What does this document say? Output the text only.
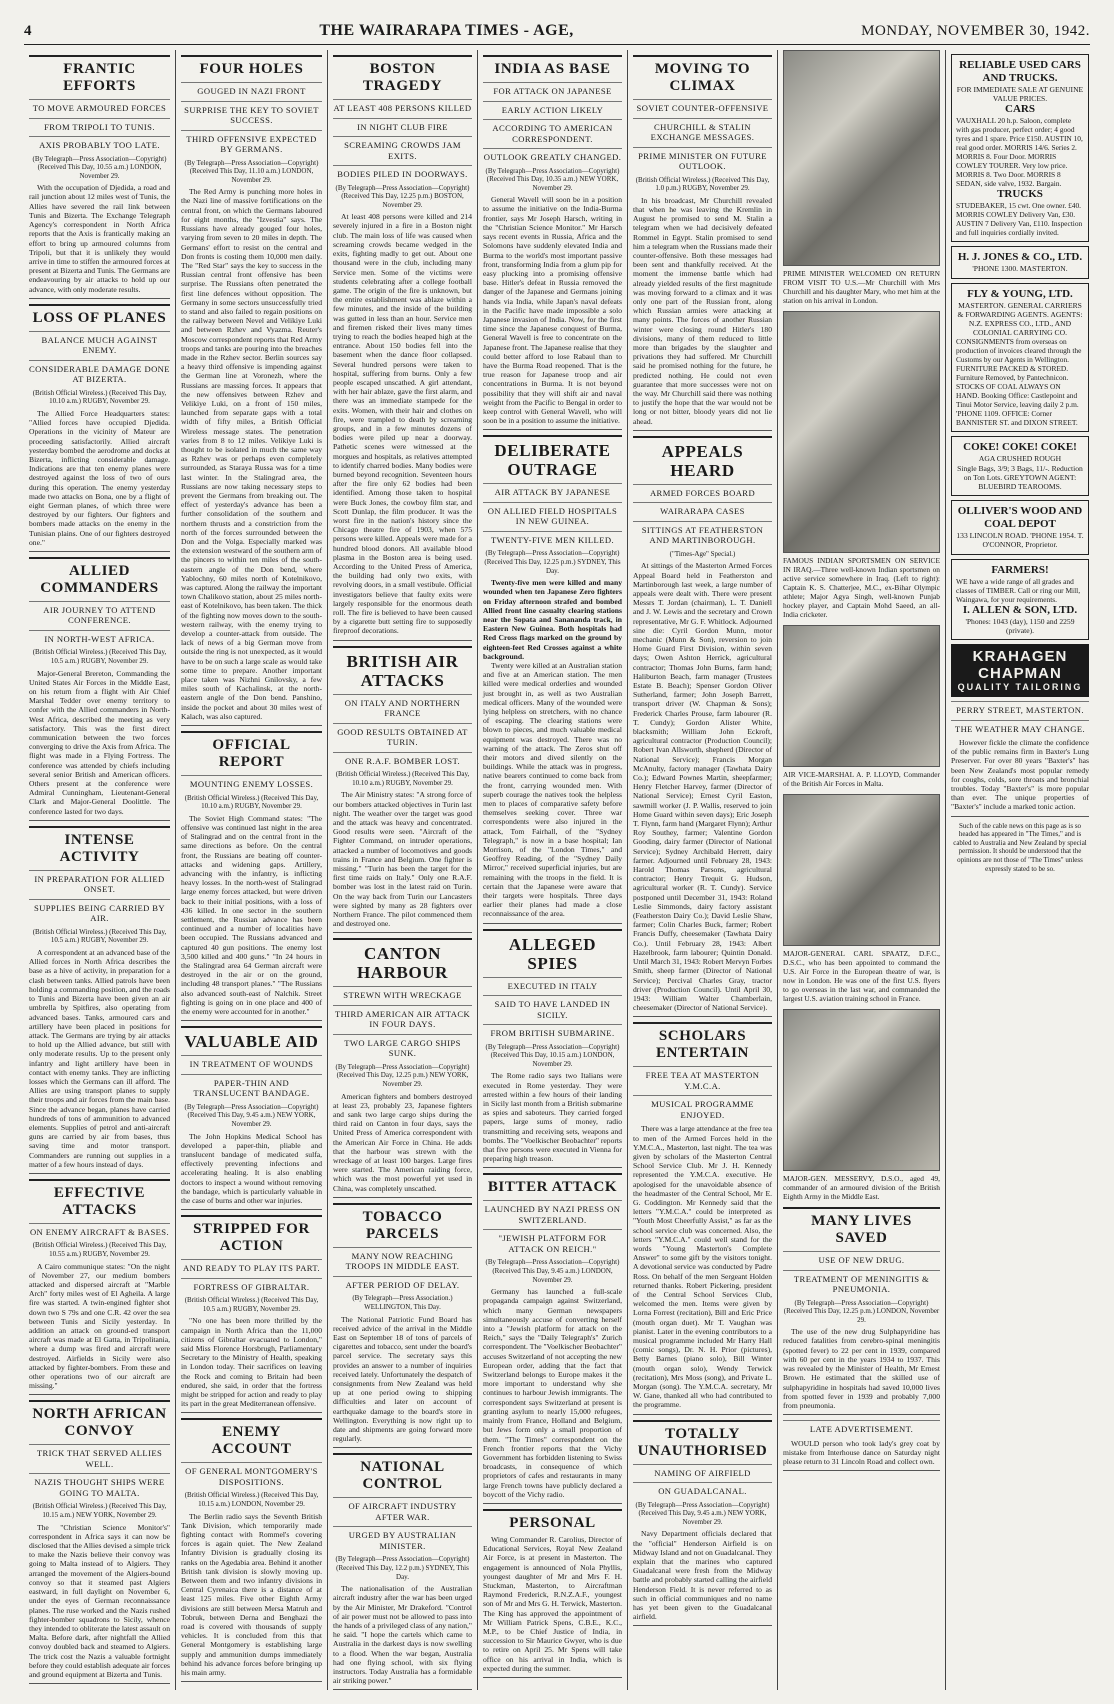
4	THE WAIRARAPA TIMES - AGE,	MONDAY, NOVEMBER 30, 1942.
FRANTIC EFFORTS
TO MOVE ARMOURED FORCES
FROM TRIPOLI TO TUNIS.
AXIS PROBABLY TOO LATE.
(By Telegraph—Press Association—Copyright) (Received This Day, 10.55 a.m.) LONDON, November 29.
With the occupation of Djedida, a road and rail junction about 12 miles west of Tunis, the Allies have severed the rail link between Tunis and Bizerta. The Exchange Telegraph Agency's correspondent in North Africa reports that the Axis is frantically making an effort to bring up armoured columns from Tripoli, but that it is unlikely they would arrive in time to stiffen the armoured forces at present at Bizerta and Tunis. The Germans are endeavouring by air attacks to hold up our advance, with only moderate results.
LOSS OF PLANES
BALANCE MUCH AGAINST ENEMY.
CONSIDERABLE DAMAGE DONE AT BIZERTA.
(British Official Wireless.) (Received This Day, 10.10 a.m.) RUGBY, November 29.
The Allied Force Headquarters states: "Allied forces have occupied Djedida. Operations in the vicinity of Mateur are proceeding satisfactorily. Allied aircraft yesterday bombed the aerodrome and docks at Bizerta, inflicting considerable damage. Indications are that ten enemy planes were destroyed against the loss of two of ours during this operation. The enemy yesterday made two attacks on Bona, one by a flight of eight German planes, of which three were destroyed by our fighters. Our fighters and bombers made attacks on the enemy in the Tunisian plains. One of our fighters destroyed one."
ALLIED COMMANDERS
AIR JOURNEY TO ATTEND CONFERENCE.
IN NORTH-WEST AFRICA.
(British Official Wireless.) (Received This Day, 10.5 a.m.) RUGBY, November 29.
Major-General Brereton, Commanding the United States Air Forces in the Middle East, on his return from a flight with Air Chief Marshal Tedder over enemy territory to confer with the Allied commanders in North-West Africa, described the meeting as very satisfactory. This was the first direct communication between the two forces converging to drive the Axis from Africa. The flight was made in a Flying Fortress. The conference was attended by chiefs including several senior British and American officers. Others present at the conference were Admiral Cunningham, Lieutenant-General Clark and Major-General Doolittle. The conference lasted for two days.
INTENSE ACTIVITY
IN PREPARATION FOR ALLIED ONSET.
SUPPLIES BEING CARRIED BY AIR.
(British Official Wireless.) (Received This Day, 10.5 a.m.) RUGBY, November 29.
A correspondent at an advanced base of the Allied forces in North Africa describes the base as a hive of activity, in preparation for a clash between tanks. Allied patrols have been holding a commanding position, and the roads to Tunis and Bizerta have been given an air umbrella by Spitfires, also operating from advanced bases. Tanks, armoured cars and artillery have been placed in positions for attack. The Germans are trying by air attacks to hold up the Allied advance, but still with only moderate results. Up to the present only infantry and light artillery have been in contact with enemy tanks. They are inflicting losses which the Germans can ill afford. The Allies are using transport planes to supply their troops and air forces from the main base. Since the advance began, planes have carried hundreds of tons of ammunition to advanced elements. Supplies of petrol and anti-aircraft guns are carried by air from bases, thus saving time and motor transport. Commanders are running out supplies in a matter of a few hours instead of days.
EFFECTIVE ATTACKS
ON ENEMY AIRCRAFT & BASES.
(British Official Wireless.) (Received This Day, 10.55 a.m.) RUGBY, November 29.
A Cairo communique states: "On the night of November 27, our medium bombers attacked and dispersed aircraft at "Marble Arch" forty miles west of El Agheila. A large fire was started. A twin-engined fighter shot down two S 79s and one C.R. 42 over the sea between Tunis and Sicily yesterday. In addition an attack on ground-ed transport aircraft was made at El Gatta, in Tripolitania, where a dump was fired and aircraft were destroyed. Airfields in Sicily were also attacked by fighter-bombers. From these and other operations two of our aircraft are missing."
NORTH AFRICAN CONVOY
TRICK THAT SERVED ALLIES WELL.
NAZIS THOUGHT SHIPS WERE GOING TO MALTA.
(British Official Wireless.) (Received This Day, 10.15 a.m.) NEW YORK, November 29.
The "Christian Science Monitor's" correspondent in Africa says it can now be disclosed that the Allies devised a simple trick to make the Nazis believe their convoy was going to Malta instead of to Algiers. They arranged the movement of the Algiers-bound convoy so that it steamed past Algiers eastward, in full daylight on November 6, under the eyes of German reconnaissance planes. The ruse worked and the Nazis rushed fighter-bomber squadrons to Sicily, whence they intended to obliterate the latest assault on Malta. Before dark, after nightfall the Allied convoy doubled back and steamed to Algiers. The trick cost the Nazis a valuable fortnight before they could establish adequate air forces and ground equipment at Bizerta and Tunis.
FOUR HOLES
GOUGED IN NAZI FRONT
SURPRISE THE KEY TO SOVIET SUCCESS.
THIRD OFFENSIVE EXPECTED BY GERMANS.
(By Telegraph—Press Association—Copyright) (Received This Day, 11.10 a.m.) LONDON, November 29.
The Red Army is punching more holes in the Nazi line of massive fortifications on the central front, on which the Germans laboured for eight months, the "Izvestia" says. The Russians have already gouged four holes, varying from seven to 20 miles in depth. The Germans' effort to resist on the central and Don fronts is costing them 10,000 men daily. The "Red Star" says the key to success in the Russian central front offensive has been surprise. The Russians often penetrated the first line defences without opposition. The Germany in some sectors unsuccessfully tried to stand and also failed to regain positions on the railway between Nevel and Velikiye Luki and between Rzhev and Vyazma. Reuter's Moscow correspondent reports that Red Army troops and tanks are pouring into the breaches made in the Rzhev sector. Berlin sources say a heavy third offensive is impending against the German line at Voronezh, where the Russians are massing forces. It appears that the new offensives between Rzhev and Velikiye Luki, on a front of 150 miles, launched from separate gaps with a total width of fifty miles, a British Official Wireless message states. The penetration varies from 8 to 12 miles. Velikiye Luki is thought to be isolated in much the same way as Rzhev was or perhaps even completely surrounded, as Staraya Russa was for a time last winter. In the Stalingrad area, the Russians are now taking necessary steps to prevent the Germans from breaking out. The effect of yesterday's advance has been a further consolidation of the southern and northern thrusts and a constriction from the north of the forces surrounded between the Don and the Volga. Especially marked was the extension westward of the southern arm of the pincers to within ten miles of the south-eastern angle of the Don bend, where Yablochny, 60 miles north of Kotelnikovo, was captured. Along the railway the important town Chalikovo station, about 25 miles north-east of Kotelnikovo, has been taken. The thick of the fighting now moves down to the south-western railway, with the enemy trying to develop a counter-attack from outside. The lack of news of a big German move from outside the ring is not unexpected, as it would have to be on such a large scale as would take some time to prepare. Another important place taken was Nizhni Gnilovsky, a few miles south of Kachalinsk, at the north-eastern angle of the Don bend. Panshino, inside the pocket and about 30 miles west of Kalach, was also captured.
OFFICIAL REPORT
MOUNTING ENEMY LOSSES.
(British Official Wireless.) (Received This Day, 10.10 a.m.) RUGBY, November 29.
The Soviet High Command states: "The offensive was continued last night in the area of Stalingrad and on the central front in the same directions as before. On the central front, the Russians are beating off counter-attacks and widening gaps. Artillery, advancing with the infantry, is inflicting heavy losses. In the north-west of Stalingrad large enemy forces attacked, but were driven back to their initial positions, with a loss of 436 killed. In one sector in the southern settlement, the Russian advance has been continued and a number of localities have been occupied. The Russians advanced and captured 40 gun positions. The enemy lost 3,500 killed and 400 guns." "In 24 hours in the Stalingrad area 64 German aircraft were destroyed in the air or on the ground, including 48 transport planes." "The Russians also advanced south-east of Nalchik. Street fighting is going on in one place and 400 of the enemy were accounted for in another."
VALUABLE AID
IN TREATMENT OF WOUNDS
PAPER-THIN AND TRANSLUCENT BANDAGE.
(By Telegraph—Press Association—Copyright) (Received This Day, 9.45 a.m.) NEW YORK, November 29.
The John Hopkins Medical School has developed a paper-thin, pliable and translucent bandage of medicated sulfa, effectively preventing infections and accelerating healing. It is also enabling doctors to inspect a wound without removing the bandage, which is particularly valuable in the case of burns and other war injuries.
STRIPPED FOR ACTION
AND READY TO PLAY ITS PART.
FORTRESS OF GIBRALTAR.
(British Official Wireless.) (Received This Day, 10.5 a.m.) RUGBY, November 29.
"No one has been more thrilled by the campaign in North Africa than the 11,000 citizens of Gibraltar evacuated to London," said Miss Florence Horsbrugh, Parliamentary Secretary to the Ministry of Health, speaking in London today. Their sacrifices on leaving the Rock and coming to Britain had been endured, she said, in order that the fortress might be stripped for action and ready to play its part in the great Mediterranean offensive.
ENEMY ACCOUNT
OF GENERAL MONTGOMERY'S DISPOSITIONS.
(British Official Wireless.) (Received This Day, 10.15 a.m.) LONDON, November 29.
The Berlin radio says the Seventh British Tank Division, which temporarily made fighting contact with Rommel's covering forces is again quiet. The New Zealand Infantry Division is gradually closing its ranks on the Agedabia area. Behind it another British tank division is slowly moving up. Between them and two infantry divisions in Central Cyrenaica there is a distance of at least 125 miles. Five other Eighth Army divisions are still between Mersa Matruh and Tobruk, between Derna and Benghazi the road is covered with thousands of supply vehicles. It is concluded from this that General Montgomery is establishing large supply and ammunition dumps immediately behind his advance forces before bringing up his main army.
BOSTON TRAGEDY
AT LEAST 408 PERSONS KILLED
IN NIGHT CLUB FIRE
SCREAMING CROWDS JAM EXITS.
BODIES PILED IN DOORWAYS.
(By Telegraph—Press Association—Copyright) (Received This Day, 12.25 p.m.) BOSTON, November 29.
At least 408 persons were killed and 214 severely injured in a fire in a Boston night club. The main loss of life was caused when screaming crowds became wedged in the exits, fighting madly to get out. About one thousand were in the club, including many Service men. Some of the victims were students celebrating after a college football game. The origin of the fire is unknown, but the entire establishment was ablaze within a few minutes, and the inside of the building was gutted in less than an hour. Service men and firemen risked their lives many times trying to reach the bodies heaped high at the entrance. About 150 bodies fell into the basement when the dance floor collapsed. Several hundred persons were taken to hospital, suffering from burns. Only a few people escaped unscathed. A girl attendant, with her hair ablaze, gave the first alarm, and there was an immediate stampede for the exits. Women, with their hair and clothes on fire, were trampled to death by screaming groups, and in a few minutes dozens of bodies were piled up near a doorway. Pathetic scenes were witnessed at the morgues and hospitals, as relatives attempted to identify charred bodies. Many bodies were burned beyond recognition. Seventeen hours after the fire only 62 bodies had been identified. Among those taken to hospital were Buck Jones, the cowboy film star, and Scott Dunlap, the film producer. It was the worst fire in the nation's history since the Chicago theatre fire of 1903, when 575 persons were killed. Appeals were made for a hundred blood donors. All available blood plasma in the Boston area is being used. According to the United Press of America, the building had only two exits, with revolving doors, in a small vestibule. Official investigators believe that faulty exits were largely responsible for the enormous death roll. The fire is believed to have been caused by a cigarette butt setting fire to supposedly fireproof decorations.
BRITISH AIR ATTACKS
ON ITALY AND NORTHERN FRANCE
GOOD RESULTS OBTAINED AT TURIN.
ONE R.A.F. BOMBER LOST.
(British Official Wireless.) (Received This Day, 10.10 a.m.) RUGBY, November 29.
The Air Ministry states: "A strong force of our bombers attacked objectives in Turin last night. The weather over the target was good and the attack was heavy and concentrated. Good results were seen. "Aircraft of the Fighter Command, on intruder operations, attacked a number of locomotives and goods trains in France and Belgium. One fighter is missing." "Turin has been the target for the first time raids on Italy." Only one R.A.F. bomber was lost in the latest raid on Turin. On the way back from Turin our Lancasters were sighted by many as 28 fighters over Northern France. The pilot commenced them and destroyed one.
CANTON HARBOUR
STREWN WITH WRECKAGE
THIRD AMERICAN AIR ATTACK IN FOUR DAYS.
TWO LARGE CARGO SHIPS SUNK.
(By Telegraph—Press Association—Copyright) (Received This Day, 12.25 p.m.) NEW YORK, November 29.
American fighters and bombers destroyed at least 23, probably 23, Japanese fighters and sank two large cargo ships during the third raid on Canton in four days, says the United Press of America correspondent with the American Air Force in China. He adds that the harbour was strewn with the wreckage of at least 100 barges. Large fires were started. The American raiding force, which was the most powerful yet used in China, was completely unscathed.
TOBACCO PARCELS
MANY NOW REACHING TROOPS IN MIDDLE EAST.
AFTER PERIOD OF DELAY.
(By Telegraph—Press Association.) WELLINGTON, This Day.
The National Patriotic Fund Board has received advice of the arrival in the Middle East on September 18 of tons of parcels of cigarettes and tobacco, sent under the board's parcel service. The secretary says this provides an answer to a number of inquiries received lately. Unfortunately the despatch of consignments from New Zealand was held up at one period owing to shipping difficulties and later on account of earthquake damage to the board's store in Wellington. Everything is now right up to date and shipments are going forward more regularly.
NATIONAL CONTROL
OF AIRCRAFT INDUSTRY AFTER WAR.
URGED BY AUSTRALIAN MINISTER.
(By Telegraph—Press Association—Copyright) (Received This Day, 12.2 p.m.) SYDNEY, This Day.
The nationalisation of the Australian aircraft industry after the war has been urged by the Air Minister, Mr Drakeford. "Control of air power must not be allowed to pass into the hands of a privileged class of any nation," he said. "I hope the cartels which came to Australia in the darkest days is now swelling to a flood. When the war began, Australia had one flying school, with six flying instructors. Today Australia has a formidable air striking power."
INDIA AS BASE
FOR ATTACK ON JAPANESE
EARLY ACTION LIKELY
ACCORDING TO AMERICAN CORRESPONDENT.
OUTLOOK GREATLY CHANGED.
(By Telegraph—Press Association—Copyright) (Received This Day, 10.35 a.m.) NEW YORK, November 29.
General Wavell will soon be in a position to assume the initiative on the India-Burma frontier, says Mr Joseph Harsch, writing in the "Christian Science Monitor." Mr Harsch says recent events in Russia, Africa and the Solomons have suddenly elevated India and Burma to the world's most important passive front, transforming India from a glum pip for easy plucking into a promising offensive base. Hitler's defeat in Russia removed the danger of the Japanese and Germans joining hands via India, while Japan's naval defeats in the Pacific have made impossible a solo Japanese invasion of India. Now, for the first time since the Japanese conquest of Burma, General Wavell is free to concentrate on the Japanese front. The Japanese realise that they could better afford to lose Rabaul than to have the Burma Road reopened. That is the true reason for Japanese troop and air concentrations in Burma. It is not beyond possibility that they will shift air and naval weight from the Pacific to Bengal in order to keep control with General Wavell, who will soon be in a position to assume the initiative.
DELIBERATE OUTRAGE
AIR ATTACK BY JAPANESE
ON ALLIED FIELD HOSPITALS IN NEW GUINEA.
TWENTY-FIVE MEN KILLED.
(By Telegraph—Press Association—Copyright) (Received This Day, 12.25 p.m.) SYDNEY, This Day.
Twenty-five men were killed and many wounded when ten Japanese Zero fighters on Friday afternoon strafed and bombed Allied front line casualty clearing stations near the Sopata and Sanananda track, in Eastern New Guinea. Both hospitals had Red Cross flags marked on the ground by eighteen-feet Red Crosses against a white background.
Twenty were killed at an Australian station and five at an American station. The men killed were medical orderlies and wounded just brought in, as well as two Australian medical officers. Many of the wounded were lying helpless on stretchers, with no chance of escaping. The clearing stations were blown to pieces, and much valuable medical equipment was destroyed. There was no warning of the attack. The Zeros shut off their motors and dived silently on the buildings. While the attack was in progress, native bearers continued to come back from the front, carrying wounded men. With superb courage the natives took the helpless men to places of comparative safety before themselves seeking cover. Three war correspondents were also injured in the attack, Tom Fairhall, of the "Sydney Telegraph," is now in a base hospital; Ian Morrison, of the "London Times," and Geoffrey Reading, of the "Sydney Daily Mirror," received superficial injuries, but are remaining with the troops in the field. It is certain that the Japanese were aware that their targets were hospitals. Three days earlier their planes had made a close reconnaissance of the area.
ALLEGED SPIES
EXECUTED IN ITALY
SAID TO HAVE LANDED IN SICILY.
FROM BRITISH SUBMARINE.
(By Telegraph—Press Association—Copyright) (Received This Day, 10.15 a.m.) LONDON, November 29.
The Rome radio says two Italians were executed in Rome yesterday. They were arrested within a few hours of their landing in Sicily last month from a British submarine as spies and saboteurs. They carried forged papers, large sums of money, radio transmitting and receiving sets, weapons and bombs. The "Voelkischer Beobachter" reports that five persons were executed in Vienna for preparing high treason.
BITTER ATTACK
LAUNCHED BY NAZI PRESS ON SWITZERLAND.
"JEWISH PLATFORM FOR ATTACK ON REICH."
(By Telegraph—Press Association—Copyright) (Received This Day, 9.45 a.m.) LONDON, November 29.
Germany has launched a full-scale propaganda campaign against Switzerland, which many German newspapers simultaneously accuse of converting herself into a "Jewish platform for attack on the Reich," says the "Daily Telegraph's" Zurich correspondent. The "Voelkischer Beobachter" accuses Switzerland of not accepting the new European order, adding that the fact that Switzerland belongs to Europe makes it the more important to understand why she continues to harbour Jewish immigrants. The correspondent says Switzerland at present is granting asylum to nearly 15,000 refugees, mainly from France, Holland and Belgium, but Jews form only a small proportion of them. "The Times" correspondent on the French frontier reports that the Vichy Government has forbidden listening to Swiss broadcasts, in consequence of which proprietors of cafes and restaurants in many large French towns have publicly declared a boycott of the Vichy radio.
PERSONAL
Wing Commander R. Carolius, Director of Educational Services, Royal New Zealand Air Force, is at present in Masterton. The engagement is announced of Nola Phyllis, youngest daughter of Mr and Mrs F. H. Stuckman, Masterton, to Aircraftman Raymond Frederick, R.N.Z.A.F., youngest son of Mr and Mrs G. H. Terwick, Masterton. The King has approved the appointment of Mr William Patrick Spens, C.B.E., K.C., M.P., to be Chief Justice of India, in succession to Sir Maurice Gwyer, who is due to retire on April 25. Mr Spens will take office on his arrival in India, which is expected during the summer.
MOVING TO CLIMAX
SOVIET COUNTER-OFFENSIVE
CHURCHILL & STALIN EXCHANGE MESSAGES.
PRIME MINISTER ON FUTURE OUTLOOK.
(British Official Wireless.) (Received This Day, 1.0 p.m.) RUGBY, November 29.
In his broadcast, Mr Churchill revealed that when he was leaving the Kremlin in August he promised to send M. Stalin a telegram when we had decisively defeated Rommel in Egypt. Stalin promised to send him a telegram when the Russians made their counter-offensive. Both these messages had been sent and thankfully received. At the moment the immense battle which had already yielded results of the first magnitude was moving forward to a climax and it was only one part of the Russian front, along which Russian armies were attacking at many points. The forces of another Russian winter were closing round Hitler's 180 divisions, many of them reduced to little more than brigades by the slaughter and privations they had suffered. Mr Churchill said he promised nothing for the future, he predicted nothing. He could not even guarantee that more successes were not on the way. Mr Churchill said there was nothing to justify the hope that the war would not be long or not bitter, bloody years did not lie ahead.
APPEALS HEARD
ARMED FORCES BOARD
WAIRARAPA CASES
SITTINGS AT FEATHERSTON AND MARTINBOROUGH.
("Times-Age" Special.)
At sittings of the Masterton Armed Forces Appeal Board held in Featherston and Martinborough last week, a large number of appeals were dealt with. There were present Messrs T. Jordan (chairman), L. T. Daniell and J. W. Lewis and the secretary and Crown representative, Mr G. F. Whitlock. Adjourned sine die: Cyril Gordon Munn, motor mechanic (Munn & Son), reversion to join Home Guard First Division, within seven days; Owen Ashton Herrick, agricultural contractor; Thomas John Burns, farm hand; Haliburton Beach, farm manager (Trustees Estate B. Beach); Spenser Gordon Oliver Sutherland, farmer; John Joseph Barrett, transport driver (W. Chapman & Sons); Frederick Charles Prouse, farm labourer (R. T. Cundy); Gordon Alister White, blacksmith; William John Eckroft, agricultural contractor (Production Council); Robert Ivan Allsworth, shepherd (Director of National Service); Francis Morgan McAnulty, factory manager (Tawhata Dairy Co.); Edward Pownes Martin, sheepfarmer; Henry Fletcher Harvey, farmer (Director of National Service); Ernest Cyril Easton, sawmill worker (J. P. Wallis, reserved to join Home Guard within seven days); Eric Joseph T. Flynn, farm hand (Margaret Flynn); Arthur Roy Southey, farmer; Valentine Gordon Gooding, dairy farmer (Director of National Service); Sydney Archibald Herrett, dairy farmer. Adjourned until February 28, 1943: Harold Thomas Parsons, agricultural contractor; Henry Trequit G. Hudson, agricultural worker (R. T. Cundy). Service postponed until December 31, 1943: Roland Leslie Simmonds, dairy factory assistant (Featherston Dairy Co.); David Leslie Shaw, farmer; Colin Charles Buck, farmer; Robert Francis Duffy, cheesemaker (Tawhata Dairy Co.). Until February 28, 1943: Albert Hazelbrook, farm labourer; Quintin Donald. Until March 31, 1943: Robert Mervyn Forbes Smith, sheep farmer (Director of National Service); Percival Charles Gray, tractor driver (Production Council). Until April 30, 1943: William Walter Chamberlain, cheesemaker (Director of National Service).
SCHOLARS ENTERTAIN
FREE TEA AT MASTERTON Y.M.C.A.
MUSICAL PROGRAMME ENJOYED.
There was a large attendance at the free tea to men of the Armed Forces held in the Y.M.C.A., Masterton, last night. The tea was given by scholars of the Masterton Central School Service Club. Mr J. H. Kennedy represented the Y.M.C.A. executive. He apologised for the unavoidable absence of the headmaster of the Central School, Mr E. G. Coddington. Mr Kennedy said that the letters "Y.M.C.A." could be interpreted as "Youth Most Cheerfully Assist," as far as the school service club was concerned. Also, the letters "Y.M.C.A." could well stand for the words "Young Masterton's Complete Answer" to some gift by the visitors tonight. A devotional service was conducted by Padre Ross. On behalf of the men Sergeant Holden returned thanks. Robert Pickering, president of the Central School Services Club, welcomed the men. Items were given by Lorna Forrest (recitation), Bill and Eric Price (mouth organ duet). Mr T. Vaughan was pianist. Later in the evening contributors to a musical programme included Mr Harry Hall (comic songs), Dr. N. H. Prior (pictures), Betty Barnes (piano solo), Bill Winter (mouth organ solo), Wendy Terwick (recitation), Mrs Moss (song), and Private L. Morgan (song). The Y.M.C.A. secretary, Mr W. Gane, thanked all who had contributed to the programme.
TOTALLY UNAUTHORISED
NAMING OF AIRFIELD
ON GUADALCANAL.
(By Telegraph—Press Association—Copyright) (Received This Day, 9.45 a.m.) NEW YORK, November 29.
Navy Department officials declared that the "official" Henderson Airfield is on Midway Island and not on Guadalcanal. They explain that the marines who captured Guadalcanal were fresh from the Midway battle and probably started calling the airfield Henderson Field. It is never referred to as such in official communiques and no name has yet been given to the Guadalcanal airfield.
PRIME MINISTER WELCOMED ON RETURN FROM VISIT TO U.S.—Mr Churchill with Mrs Churchill and his daughter Mary, who met him at the station on his arrival in London.
FAMOUS INDIAN SPORTSMEN ON SERVICE IN IRAQ.—Three well-known Indian sportsmen on active service somewhere in Iraq. (Left to right): Captain K. S. Chatterjee, M.C., ex-Bihar Olympic athlete; Major Agya Singh, well-known Punjab hockey player, and Captain Mohd Saeed, an all-India cricketer.
AIR VICE-MARSHAL A. P. LLOYD, Commander of the British Air Forces in Malta.
MAJOR-GENERAL CARL SPAATZ, D.F.C., D.S.C., who has been appointed to command the U.S. Air Force in the European theatre of war, is now in London. He was one of the first U.S. flyers to go overseas in the last war, and commanded the largest U.S. aviation training school in France.
MAJOR-GEN. MESSERVY, D.S.O., aged 49, commander of an armoured division of the British Eighth Army in the Middle East.
MANY LIVES SAVED
USE OF NEW DRUG.
TREATMENT OF MENINGITIS & PNEUMONIA.
(By Telegraph—Press Association—Copyright) (Received This Day, 12.25 p.m.) LONDON, November 29.
The use of the new drug Sulphapyridine has reduced fatalities from cerebro-spinal meningitis (spotted fever) to 22 per cent in 1939, compared with 60 per cent in the years 1934 to 1937. This was revealed by the Minister of Health, Mr Ernest Brown. He estimated that the skilled use of sulphapyridine in hospitals had saved 10,000 lives from spotted fever in 1939 and probably 7,000 from pneumonia.
LATE ADVERTISEMENT.
WOULD person who took lady's grey coat by mistake from Interhouse dance on Saturday night please return to 31 Lincoln Road and collect own.
RELIABLE USED CARS AND TRUCKS.
FOR IMMEDIATE SALE AT GENUINE VALUE PRICES.
CARS
VAUXHALL 20 h.p. Saloon, complete with gas producer, perfect order; 4 good tyres and 1 spare. Price £150. AUSTIN 10, real good order. MORRIS 14/6. Series 2. MORRIS 8. Four Door. MORRIS COWLEY TOURER. Very low price. MORRIS 8. Two Door. MORRIS 8 SEDAN, side valve, 1932. Bargain.
TRUCKS
STUDEBAKER, 15 cwt. One owner. £40. MORRIS COWLEY Delivery Van, £30. AUSTIN 7 Delivery Van, £110. Inspection and full inquiries cordially invited.
H. J. JONES & CO., LTD.
'PHONE 1300. MASTERTON.
FLY & YOUNG, LTD.
MASTERTON. GENERAL CARRIERS & FORWARDING AGENTS. AGENTS: N.Z. EXPRESS CO., LTD., AND COLONIAL CARRYING CO.
CONSIGNMENTS from overseas on production of invoices cleared through the Customs by our Agents in Wellington. FURNITURE PACKED & STORED. Furniture Removed, by Pantechnicon. STOCKS OF COAL ALWAYS ON HAND. Booking Office: Castlepoint and Tinui Motor Service, leaving daily 2 p.m. 'PHONE 1109. OFFICE: Corner BANNISTER ST. and DIXON STREET.
COKE! COKE! COKE!
AGA CRUSHED ROUGH
Single Bags, 3/9; 3 Bags, 11/-. Reduction on Ton Lots. GREYTOWN AGENT: BLUEBIRD TEAROOMS.
OLLIVER'S WOOD AND COAL DEPOT
133 LINCOLN ROAD. 'PHONE 1954. T. O'CONNOR, Proprietor.
FARMERS!
WE have a wide range of all grades and classes of TIMBER. Call or ring our Mill, Waingawa, for your requirements.
I. ALLEN & SON, LTD.
'Phones: 1043 (day), 1150 and 2259 (private).
KRAHAGEN CHAPMAN
QUALITY TAILORING
PERRY STREET, MASTERTON.
THE WEATHER MAY CHANGE.
However fickle the climate the confidence of the public remains firm in Baxter's Lung Preserver. For over 80 years "Baxter's" has been New Zealand's most popular remedy for coughs, colds, sore throats and bronchial troubles. Today "Baxter's" is more popular than ever. The unique properties of "Baxter's" include a marked tonic action.
Such of the cable news on this page as is so headed has appeared in "The Times," and is cabled to Australia and New Zealand by special permission. It should be understood that the opinions are not those of "The Times" unless expressly stated to be so.
